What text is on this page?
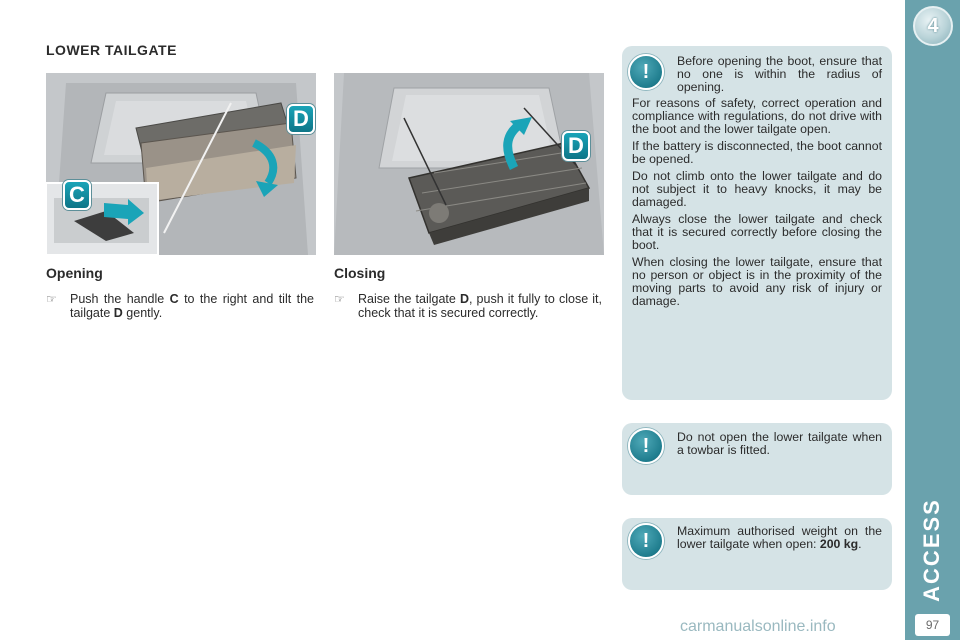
4
ACCESS
97
carmanualsonline.info
LOWER TAILGATE
D
C
D
Opening
☞	Push the handle C to the right and tilt the tailgate D gently.
Closing
☞	Raise the tailgate D, push it fully to close it, check that it is secured correctly.
!	Before opening the boot, ensure that no one is within the radius of opening.

For reasons of safety, correct operation and compliance with regulations, do not drive with the boot and the lower tailgate open.

If the battery is disconnected, the boot cannot be opened.

Do not climb onto the lower tailgate and do not subject it to heavy knocks, it may be damaged.

Always close the lower tailgate and check that it is secured correctly before closing the boot.

When closing the lower tailgate, ensure that no person or object is in the proximity of the moving parts to avoid any risk of injury or damage.

!	Do not open the lower tailgate when a towbar is fitted.
!	Maximum authorised weight on the lower tailgate when open: 200 kg.
